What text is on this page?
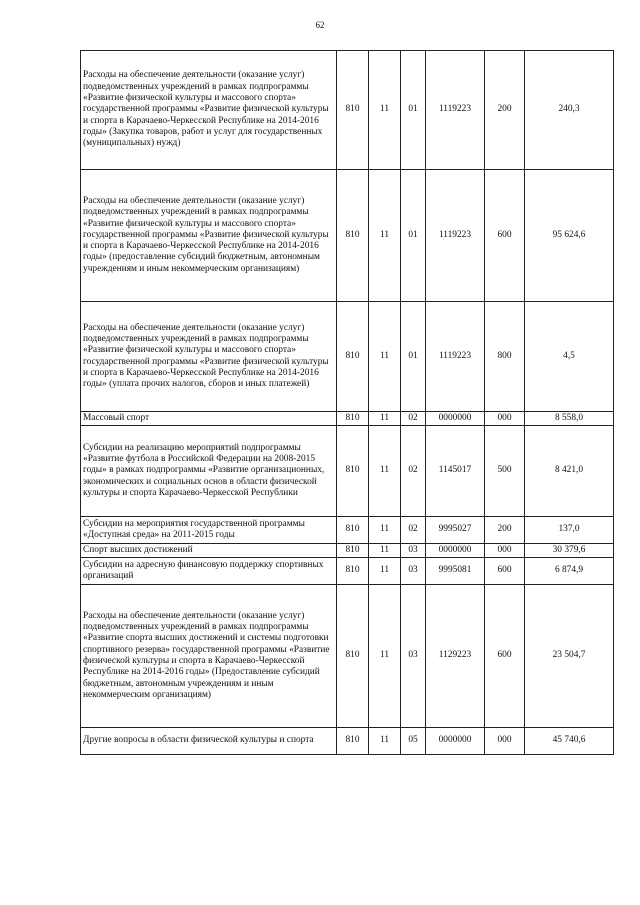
62
Расходы на обеспечение деятельности (оказание услуг) подведомственных учреждений в рамках подпрограммы «Развитие физической культуры и массового спорта» государственной программы «Развитие физической культуры и спорта в Карачаево-Черкесской Республике на 2014-2016 годы» (Закупка товаров, работ и услуг для государственных (муниципальных) нужд)	810	11	01	1119223	200	240,3
Расходы на обеспечение деятельности (оказание услуг) подведомственных учреждений в рамках подпрограммы «Развитие физической культуры и массового спорта» государственной программы «Развитие физической культуры и спорта в Карачаево-Черкесской Республике на 2014-2016 годы» (предоставление субсидий бюджетным, автономным учреждениям и иным некоммерческим организациям)	810	11	01	1119223	600	95 624,6
Расходы на обеспечение деятельности (оказание услуг) подведомственных учреждений в рамках подпрограммы «Развитие физической культуры и массового спорта» государственной программы «Развитие физической культуры и спорта в Карачаево-Черкесской Республике на 2014-2016 годы» (уплата прочих налогов, сборов и иных платежей)	810	11	01	1119223	800	4,5
Массовый спорт	810	11	02	0000000	000	8 558,0
Субсидии на реализацию мероприятий подпрограммы «Развитие футбола в Российской Федерации на 2008-2015 годы» в рамках подпрограммы «Развитие организационных, экономических и социальных основ в области физической культуры и спорта Карачаево-Черкесской Республики	810	11	02	1145017	500	8 421,0
Субсидии на мероприятия государственной программы «Доступная среда» на 2011-2015 годы	810	11	02	9995027	200	137,0
Спорт высших достижений	810	11	03	0000000	000	30 379,6
Субсидии на адресную финансовую поддержку спортивных организаций	810	11	03	9995081	600	6 874,9
Расходы на обеспечение деятельности (оказание услуг) подведомственных учреждений в рамках подпрограммы «Развитие спорта высших достижений и системы подготовки спортивного резерва» государственной программы «Развитие физической культуры и спорта в Карачаево-Черкесской Республике на 2014-2016 годы» (Предоставление субсидий бюджетным, автономным учреждениям и иным некоммерческим организациям)	810	11	03	1129223	600	23 504,7
Другие вопросы в области физической культуры и спорта	810	11	05	0000000	000	45 740,6
